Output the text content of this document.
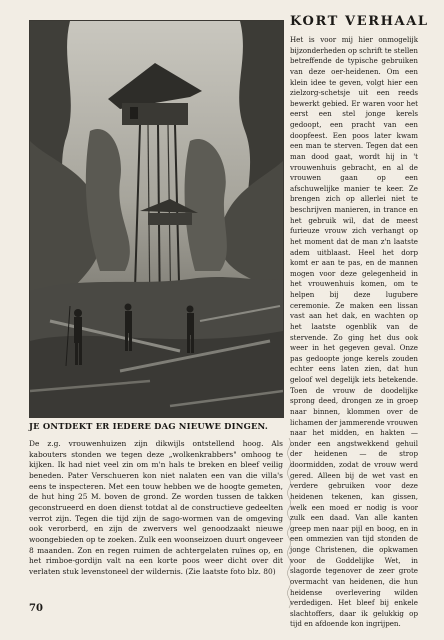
KORT VERHAAL

Het is voor mij hier onmogelijk bijzonderheden op schrift te stellen betreffende de typische gebruiken van deze oer-heidenen. Om een klein idee te geven, volgt hier een zielzorg-schetsje uit een reeds bewerkt gebied. Er waren voor het eerst een stel jonge kerels gedoopt, een pracht van een doopfeest. Een poos later kwam een man te sterven. Tegen dat een man dood gaat, wordt hij in 't vrouwenhuis gebracht, en al de vrouwen gaan op een afschuwelijke manier te keer. Ze brengen zich op allerlei niet te beschrijven manieren, in trance en het gebruik wil, dat de meest furieuze vrouw zich verhangt op het moment dat de man z'n laatste adem uitblaast. Heel het dorp komt er aan te pas, en de mannen mogen voor deze gelegenheid in het vrouwenhuis komen, om te helpen bij deze lugubere ceremonie. Ze maken een lissan vast aan het dak, en wachten op het laatste ogenblik van de stervende. Zo ging het dus ook weer in het gegeven geval. Onze pas gedoopte jonge kerels zouden echter eens laten zien, dat hun geloof wel degelijk iets betekende. Toen de vrouw de doodelijke sprong deed, drongen ze in groep naar binnen, klommen over de lichamen der jammerende vrouwen naar het midden, en hakten — onder een angstwekkend gehuil der heidenen — de strop doormidden, zodat de vrouw werd gered. Alleen bij de wet vast en verdere gebruiken voor deze heidenen tekenen, kan gissen, welk een moed er nodig is voor zulk een daad. Van alle kanten greep men naar pijl en boog, en in een ommezien van tijd stonden de jonge Christenen, die opkwamen voor de Goddelijke Wet, in slagorde tegenover de zeer grote overmacht van heidenen, die hun heidense overlevering wilden verdedigen. Het bleef bij enkele slachtoffers, daar ik gelukkig op tijd en afdoende kon ingrijpen.

JE ONTDEKT ER IEDERE DAG NIEUWE DINGEN.

De z.g. vrouwenhuizen zijn dikwijls ontstellend hoog. Als kabouters stonden we tegen deze „wolkenkrabbers" omhoog te kijken. Ik had niet veel zin om m'n hals te breken en bleef veilig beneden. Pater Verschueren kon niet nalaten een van die villa's eens te inspecteren. Met een touw hebben we de hoogte gemeten, de hut hing 25 M. boven de grond. Ze worden tussen de takken geconstrueerd en doen dienst totdat al de constructieve gedeelten verrot zijn. Tegen die tijd zijn de sago-wormen van de omgeving ook verorberd, en zijn de zwervers wel genoodzaakt nieuwe woongebieden op te zoeken. Zulk een woonseizoen duurt ongeveer 8 maanden. Zon en regen ruimen de achtergelaten ruïnes op, en het rimboe-gordijn valt na een korte poos weer dicht over dit verlaten stuk levenstoneel der wildernis. (Zie laatste foto blz. 80)

70
